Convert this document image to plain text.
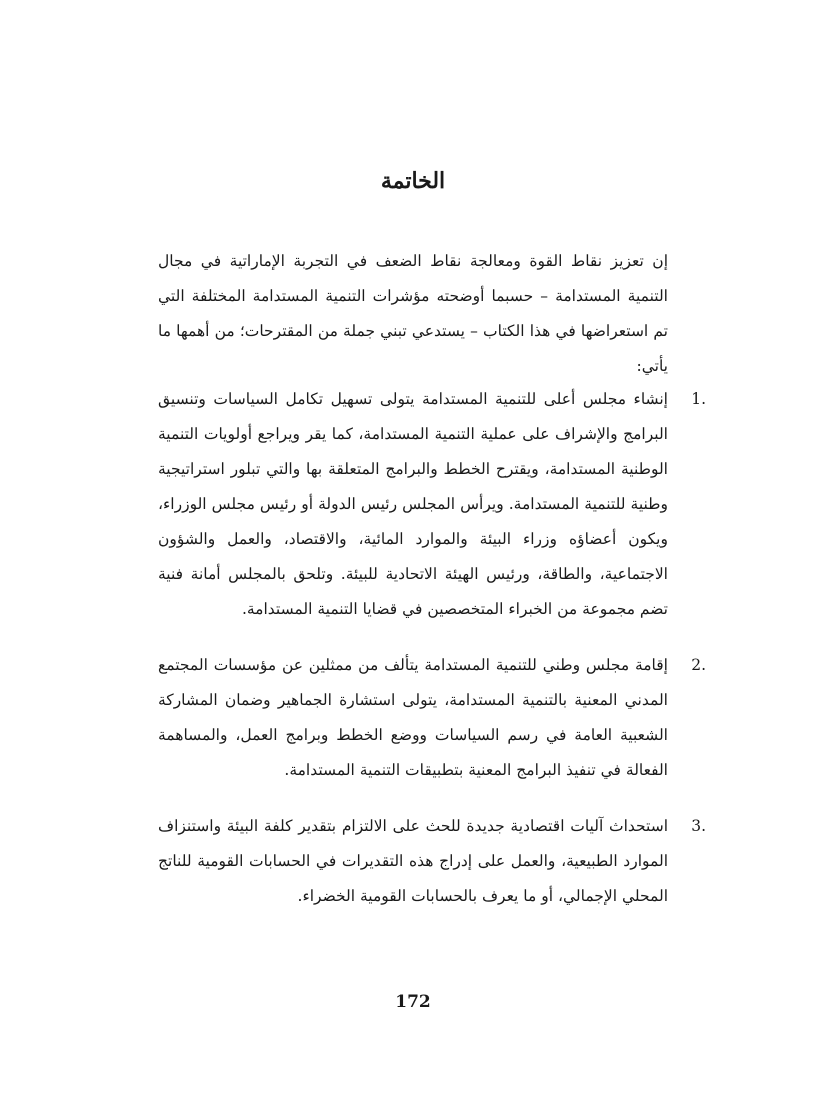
الخاتمة

إن تعزيز نقاط القوة ومعالجة نقاط الضعف في التجربة الإماراتية في مجال التنمية المستدامة – حسبما أوضحته مؤشرات التنمية المستدامة المختلفة التي تم استعراضها في هذا الكتاب – يستدعي تبني جملة من المقترحات؛ من أهمها ما يأتي:

1.
إنشاء مجلس أعلى للتنمية المستدامة يتولى تسهيل تكامل السياسات وتنسيق البرامج والإشراف على عملية التنمية المستدامة، كما يقر ويراجع أولويات التنمية الوطنية المستدامة، ويقترح الخطط والبرامج المتعلقة بها والتي تبلور استراتيجية وطنية للتنمية المستدامة. ويرأس المجلس رئيس الدولة أو رئيس مجلس الوزراء، ويكون أعضاؤه وزراء البيئة والموارد المائية، والاقتصاد، والعمل والشؤون الاجتماعية، والطاقة، ورئيس الهيئة الاتحادية للبيئة. وتلحق بالمجلس أمانة فنية تضم مجموعة من الخبراء المتخصصين في قضايا التنمية المستدامة.
2.
إقامة مجلس وطني للتنمية المستدامة يتألف من ممثلين عن مؤسسات المجتمع المدني المعنية بالتنمية المستدامة، يتولى استشارة الجماهير وضمان المشاركة الشعبية العامة في رسم السياسات ووضع الخطط وبرامج العمل، والمساهمة الفعالة في تنفيذ البرامج المعنية بتطبيقات التنمية المستدامة.
3.
استحداث آليات اقتصادية جديدة للحث على الالتزام بتقدير كلفة البيئة واستنزاف الموارد الطبيعية، والعمل على إدراج هذه التقديرات في الحسابات القومية للناتج المحلي الإجمالي، أو ما يعرف بالحسابات القومية الخضراء.
172
